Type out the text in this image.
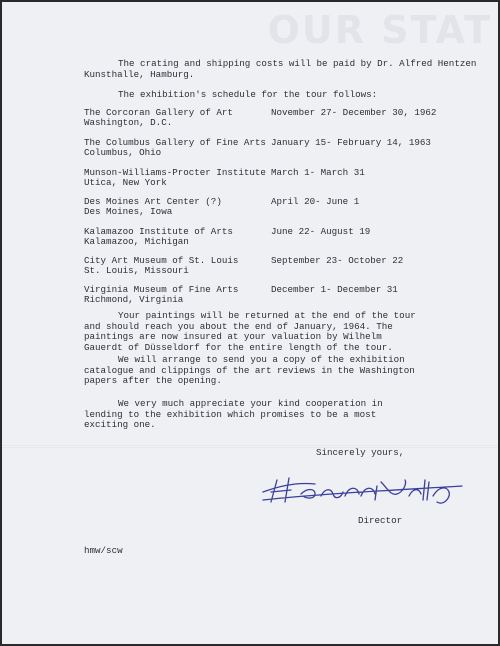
OUR STAT
The crating and shipping costs will be paid by Dr. Alfred Hentzen
Kunsthalle, Hamburg.
The exhibition's schedule for the tour follows:
The Corcoran Gallery of Art
Washington, D.C.
November 27- December 30, 1962
The Columbus Gallery of Fine Arts
Columbus, Ohio
January 15- February 14, 1963
Munson-Williams-Procter Institute
Utica, New York
March 1- March 31
Des Moines Art Center (?)
Des Moines, Iowa
April 20- June 1
Kalamazoo Institute of Arts
Kalamazoo, Michigan
June 22- August 19
City Art Museum of St. Louis
St. Louis, Missouri
September 23- October 22
Virginia Museum of Fine Arts
Richmond, Virginia
December 1- December 31
Your paintings will be returned at the end of the tour and should reach you about the end of January, 1964. The paintings are now insured at your valuation by Wilhelm Gauerdt of Düsseldorf for the entire length of the tour.
We will arrange to send you a copy of the exhibition catalogue and clippings of the art reviews in the Washington papers after the opening.
We very much appreciate your kind cooperation in lending to the exhibition which promises to be a most exciting one.
Sincerely yours,
Director
hmw/scw
